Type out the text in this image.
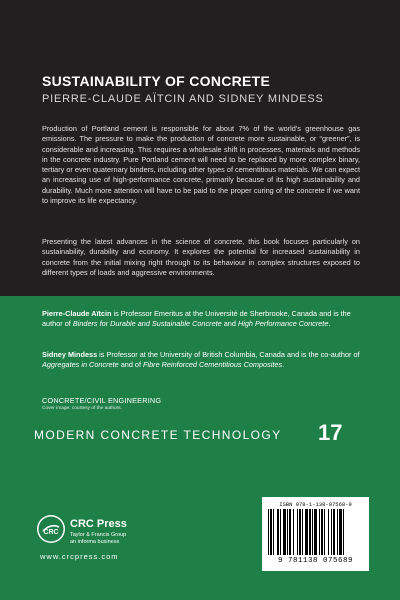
SUSTAINABILITY OF CONCRETE
PIERRE-CLAUDE AÏTCIN AND SIDNEY MINDESS

Production of Portland cement is responsible for about 7% of the world’s greenhouse gas emissions. The pressure to make the production of concrete more sustainable, or “greener”, is considerable and increasing. This requires a wholesale shift in processes, materials and methods in the concrete industry. Pure Portland cement will need to be replaced by more complex binary, tertiary or even quaternary binders, including other types of cementitious materials. We can expect an increasing use of high-performance concrete, primarily because of its high sustainability and durability. Much more attention will have to be paid to the proper curing of the concrete if we want to improve its life expectancy.

Presenting the latest advances in the science of concrete, this book focuses particularly on sustainability, durability and economy. It explores the potential for increased sustainability in concrete from the initial mixing right through to its behaviour in complex structures exposed to different types of loads and aggressive environments.

Pierre-Claude Aïtcin is Professor Emeritus at the Université de Sherbrooke, Canada and is the author of Binders for Durable and Sustainable Concrete and High Performance Concrete.

Sidney Mindess is Professor at the University of British Columbia, Canada and is the co-author of Aggregates in Concrete and of Fibre Reinforced Cementitious Composites.

CONCRETE/CIVIL ENGINEERING
Cover image: courtesy of the authors.
MODERN CONCRETE TECHNOLOGY 17
CRC
CRC Press
Taylor & Francis Group
an informa business
www.crcpress.com
ISBN 978-1-138-07568-9
9 781138 075689
